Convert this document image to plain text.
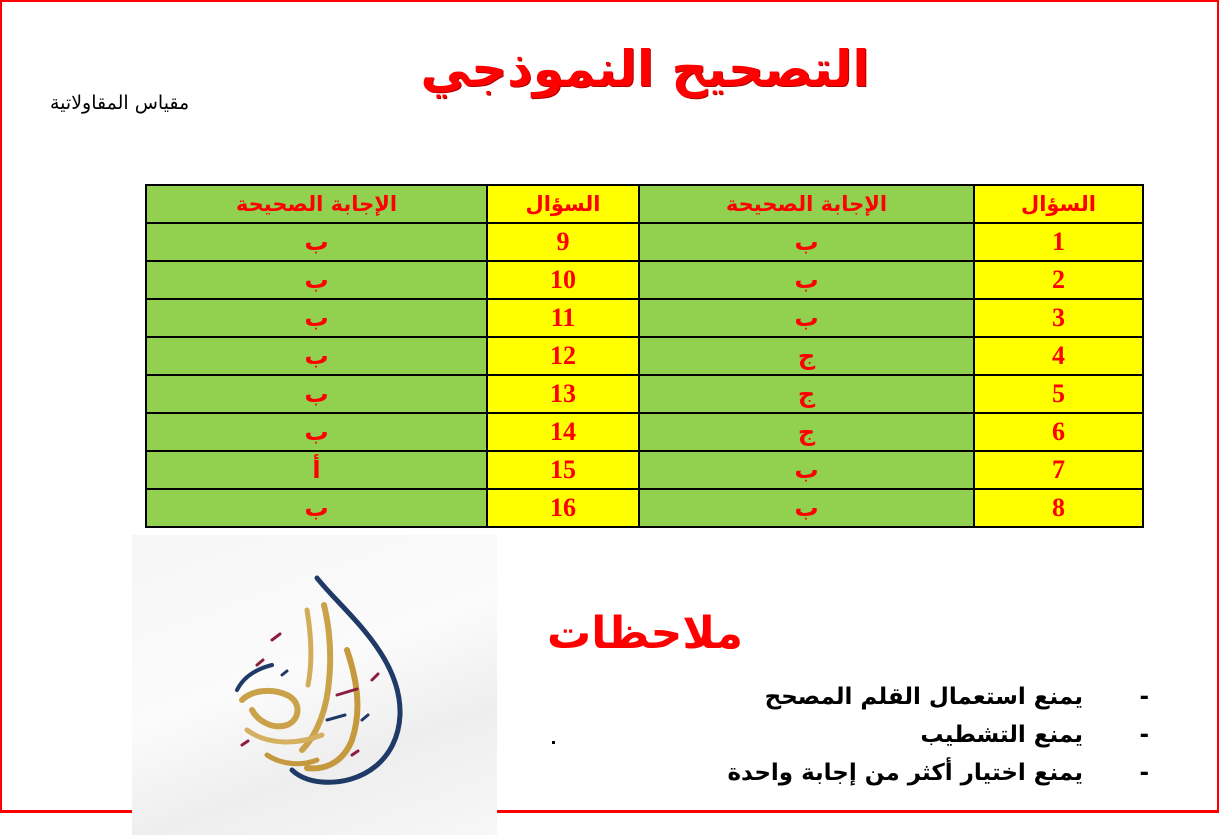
التصحيح النموذجي
مقياس المقاولاتية
الإجابة الصحيحة	السؤال	الإجابة الصحيحة	السؤال
ب	9	ب	1
ب	10	ب	2
ب	11	ب	3
ب	12	ج	4
ب	13	ج	5
ب	14	ج	6
أ	15	ب	7
ب	16	ب	8
ملاحظات
-   يمنع استعمال القلم المصحح
-   يمنع التشطيب
-   يمنع اختيار أكثر من إجابة واحدة
